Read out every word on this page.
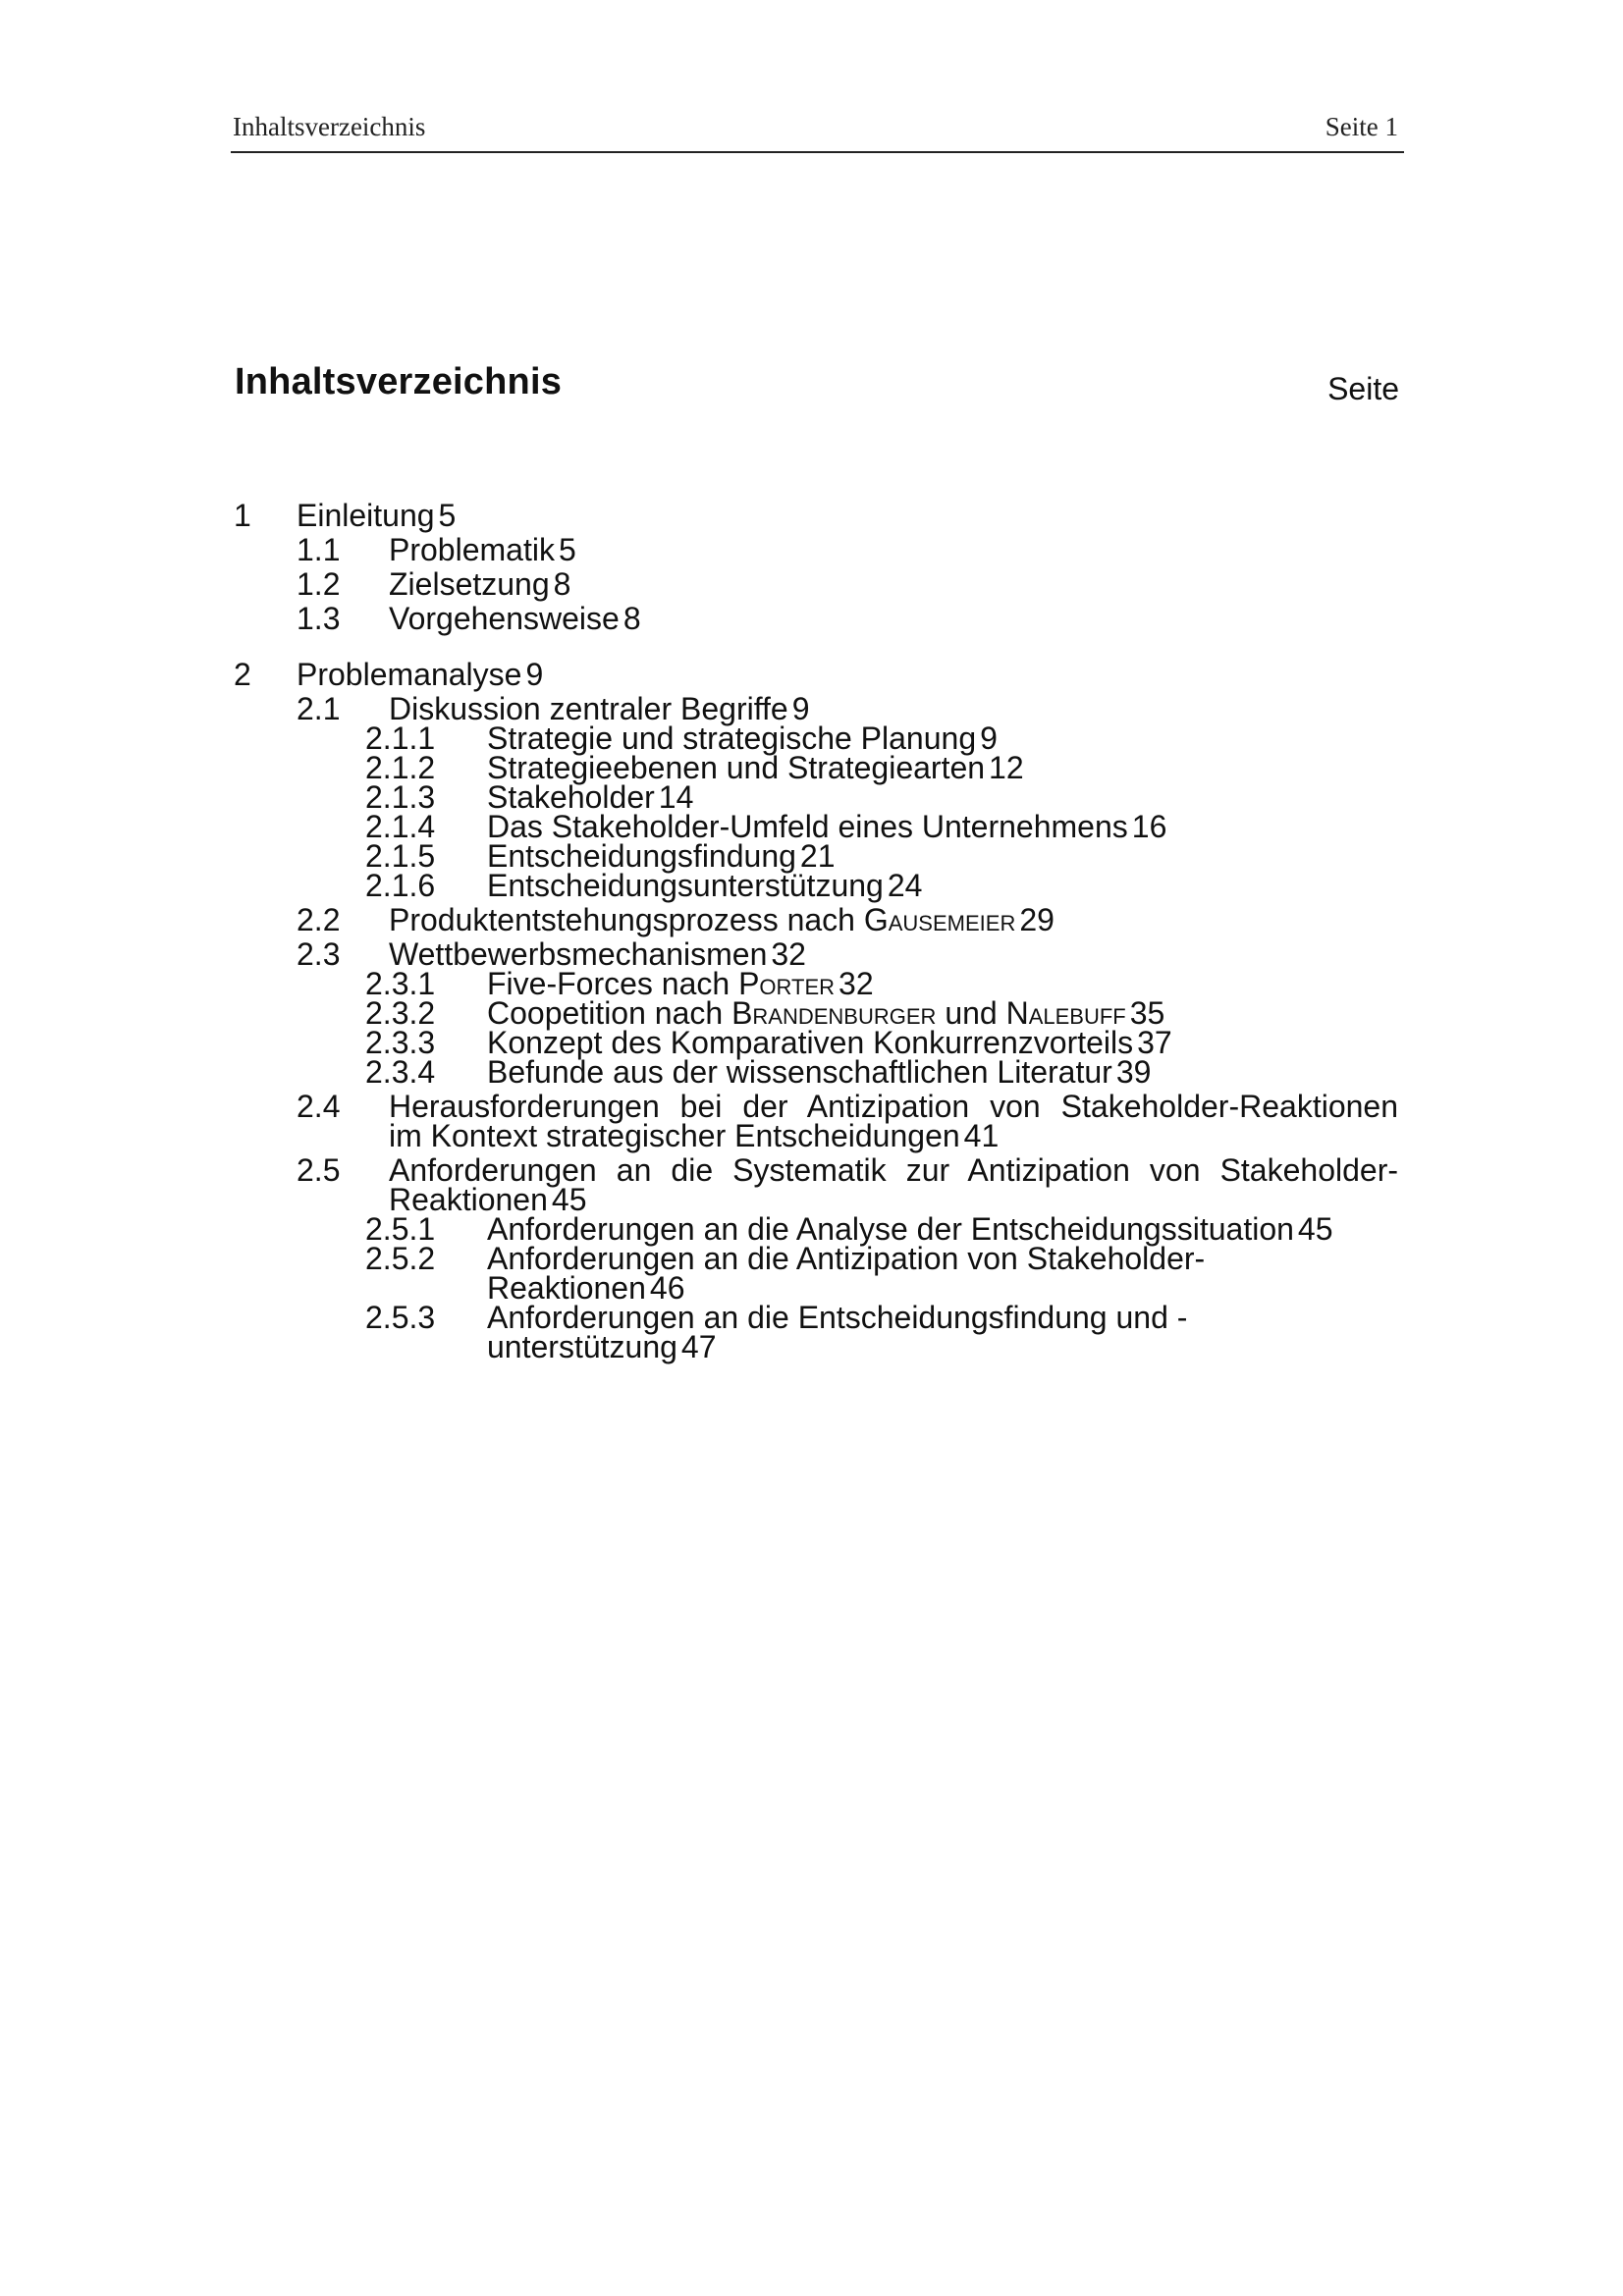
Inhaltsverzeichnis	Seite 1
Inhaltsverzeichnis	Seite
1 Einleitung 5
1.1 Problematik 5
1.2 Zielsetzung 8
1.3 Vorgehensweise 8
2 Problemanalyse 9
2.1 Diskussion zentraler Begriffe 9
2.1.1 Strategie und strategische Planung 9
2.1.2 Strategieebenen und Strategiearten 12
2.1.3 Stakeholder 14
2.1.4 Das Stakeholder-Umfeld eines Unternehmens 16
2.1.5 Entscheidungsfindung 21
2.1.6 Entscheidungsunterstützung 24
2.2 Produktentstehungsprozess nach Gausemeier 29
2.3 Wettbewerbsmechanismen 32
2.3.1 Five-Forces nach Porter 32
2.3.2 Coopetition nach Brandenburger und Nalebuff 35
2.3.3 Konzept des Komparativen Konkurrenzvorteils 37
2.3.4 Befunde aus der wissenschaftlichen Literatur 39
2.4 Herausforderungen bei der Antizipation von Stakeholder-Reaktionen
im Kontext strategischer Entscheidungen 41
2.5 Anforderungen an die Systematik zur Antizipation von Stakeholder-
Reaktionen 45
2.5.1 Anforderungen an die Analyse der Entscheidungssituation 45
2.5.2 Anforderungen an die Antizipation von Stakeholder-
Reaktionen 46
2.5.3 Anforderungen an die Entscheidungsfindung und -
unterstützung 47
